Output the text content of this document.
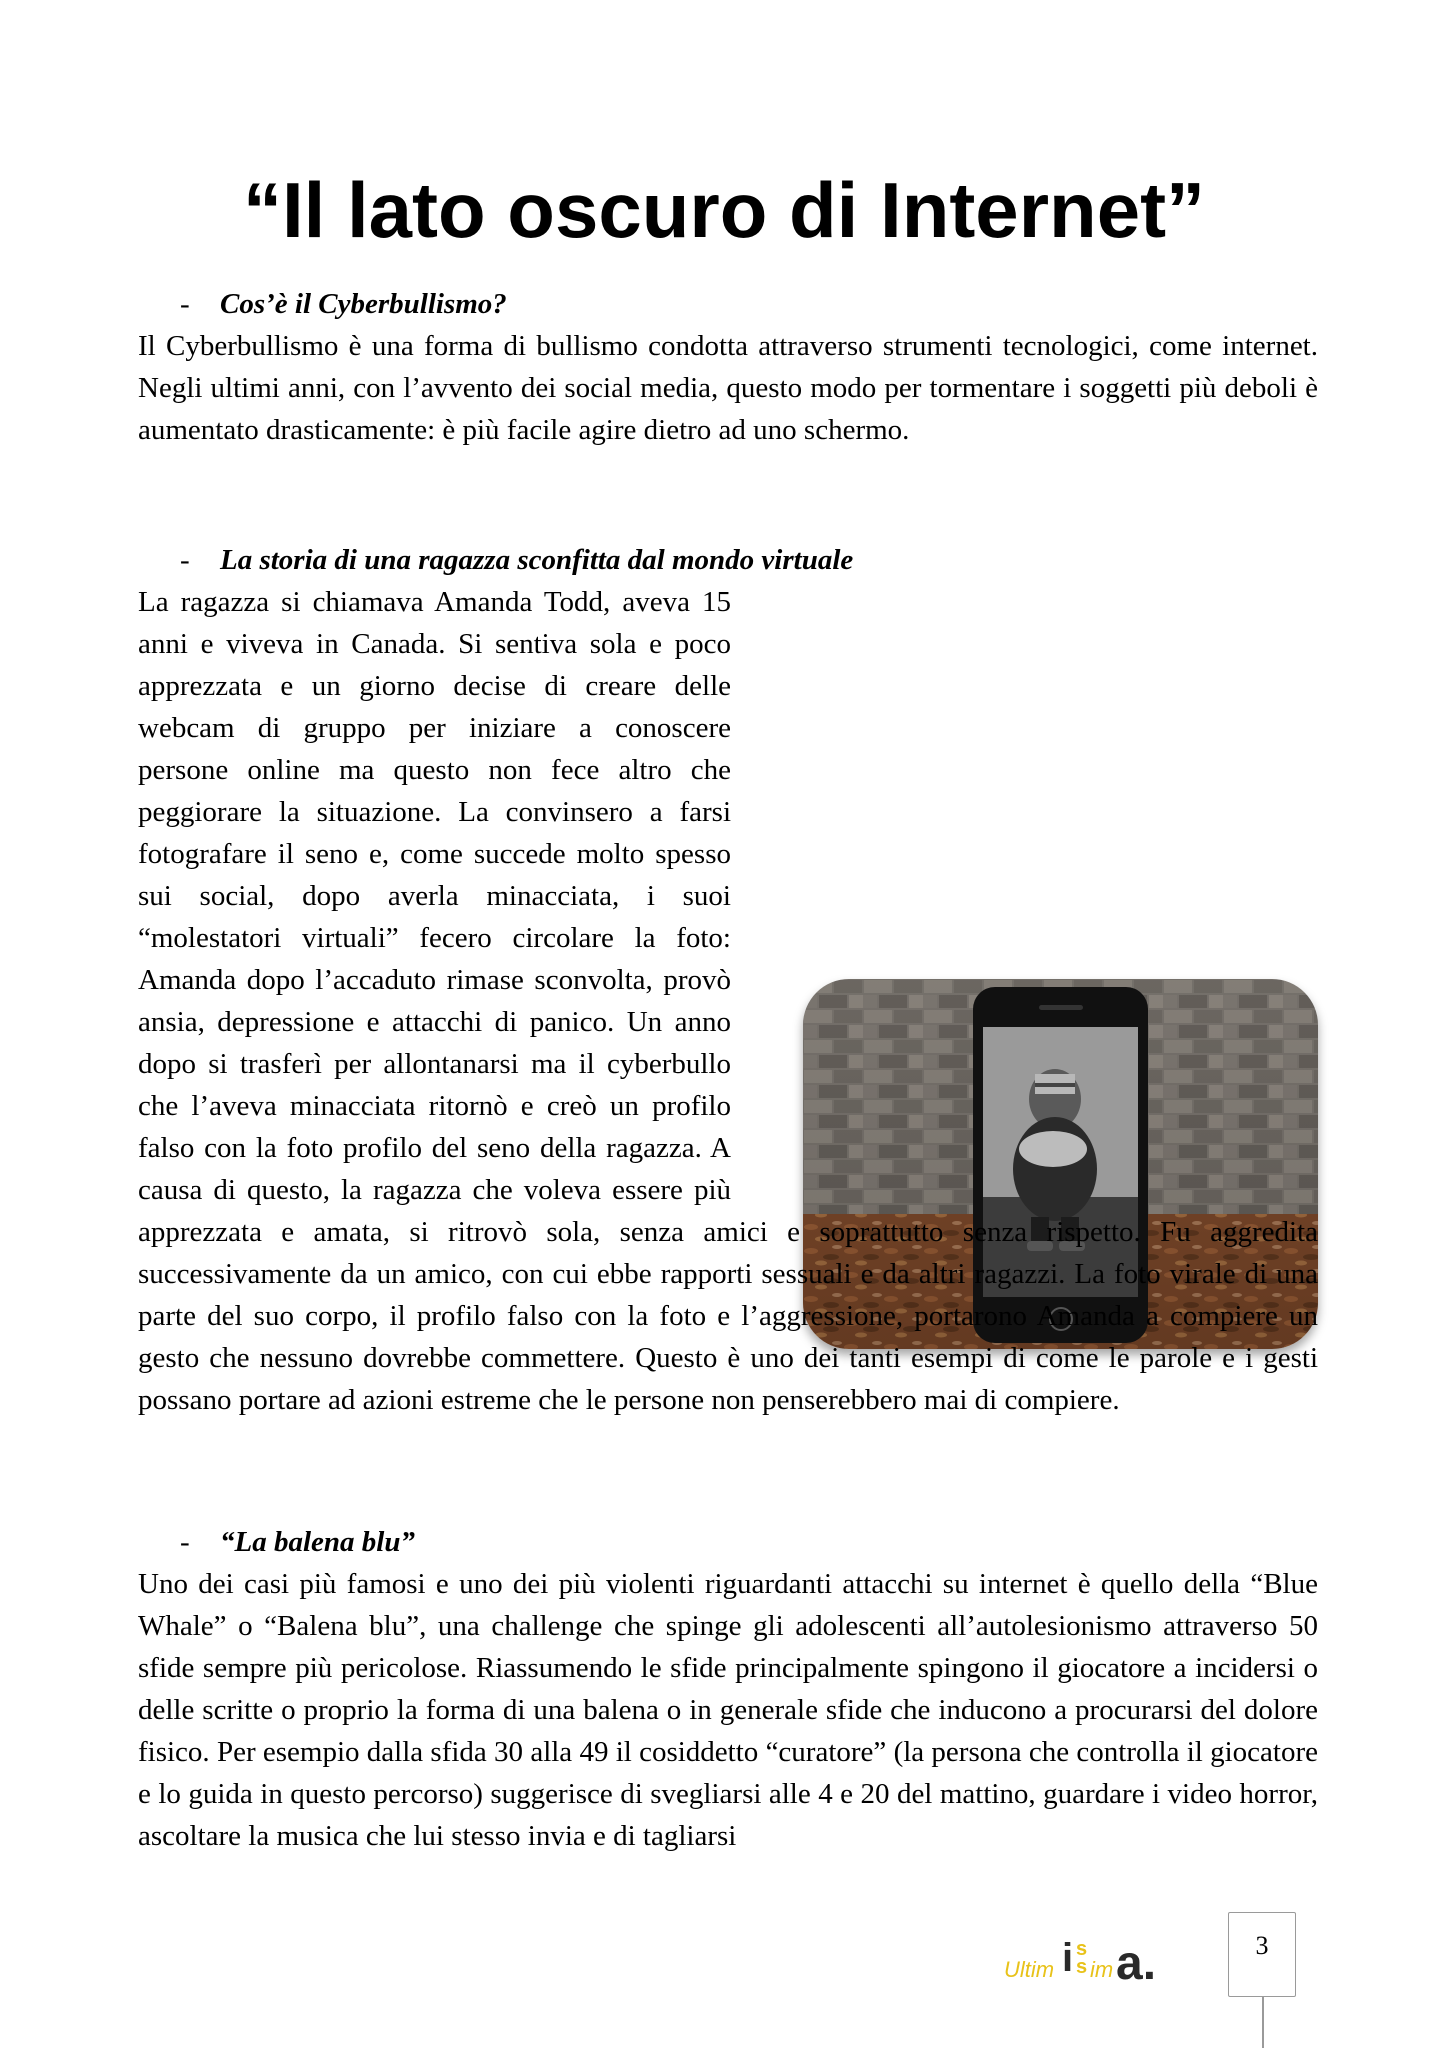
“Il lato oscuro di Internet”
- Cos’è il Cyberbullismo?
Il Cyberbullismo è una forma di bullismo condotta attraverso strumenti tecnologici, come internet. Negli ultimi anni, con l’avvento dei social media, questo modo per tormentare i soggetti più deboli è aumentato drasticamente: è più facile agire dietro ad uno schermo.
- La storia di una ragazza sconfitta dal mondo virtuale
La ragazza si chiamava Amanda Todd, aveva 15 anni e viveva in Canada. Si sentiva sola e poco apprezzata e un giorno decise di creare delle webcam di gruppo per iniziare a conoscere persone online ma questo non fece altro che peggiorare la situazione. La convinsero a farsi fotografare il seno e, come succede molto spesso sui social, dopo averla minacciata, i suoi “molestatori virtuali” fecero circolare la foto: Amanda dopo l’accaduto rimase sconvolta, provò ansia, depressione e attacchi di panico. Un anno dopo si trasferì per allontanarsi ma il cyberbullo che l’aveva minacciata ritornò e creò un profilo falso con la foto profilo del seno della ragazza. A causa di questo, la ragazza che voleva essere più apprezzata e amata, si ritrovò sola, senza amici e soprattutto senza rispetto. Fu aggredita successivamente da un amico, con cui ebbe rapporti sessuali e da altri ragazzi. La foto virale di una parte del suo corpo, il profilo falso con la foto e l’aggressione, portarono Amanda a compiere un gesto che nessuno dovrebbe commettere. Questo è uno dei tanti esempi di come le parole e i gesti possano portare ad azioni estreme che le persone non penserebbero mai di compiere.
- “La balena blu”
Uno dei casi più famosi e uno dei più violenti riguardanti attacchi su internet è quello della “Blue Whale” o “Balena blu”, una challenge che spinge gli adolescenti all’autolesionismo attraverso 50 sfide sempre più pericolose. Riassumendo le sfide principalmente spingono il giocatore a incidersi o delle scritte o proprio la forma di una balena o in generale sfide che inducono a procurarsi del dolore fisico. Per esempio dalla sfida 30 alla 49 il cosiddetto “curatore” (la persona che controlla il giocatore e lo guida in questo percorso) suggerisce di svegliarsi alle 4 e 20 del mattino, guardare i video horror, ascoltare la musica che lui stesso invia e di tagliarsi
Ultim i s
s im a.	3
